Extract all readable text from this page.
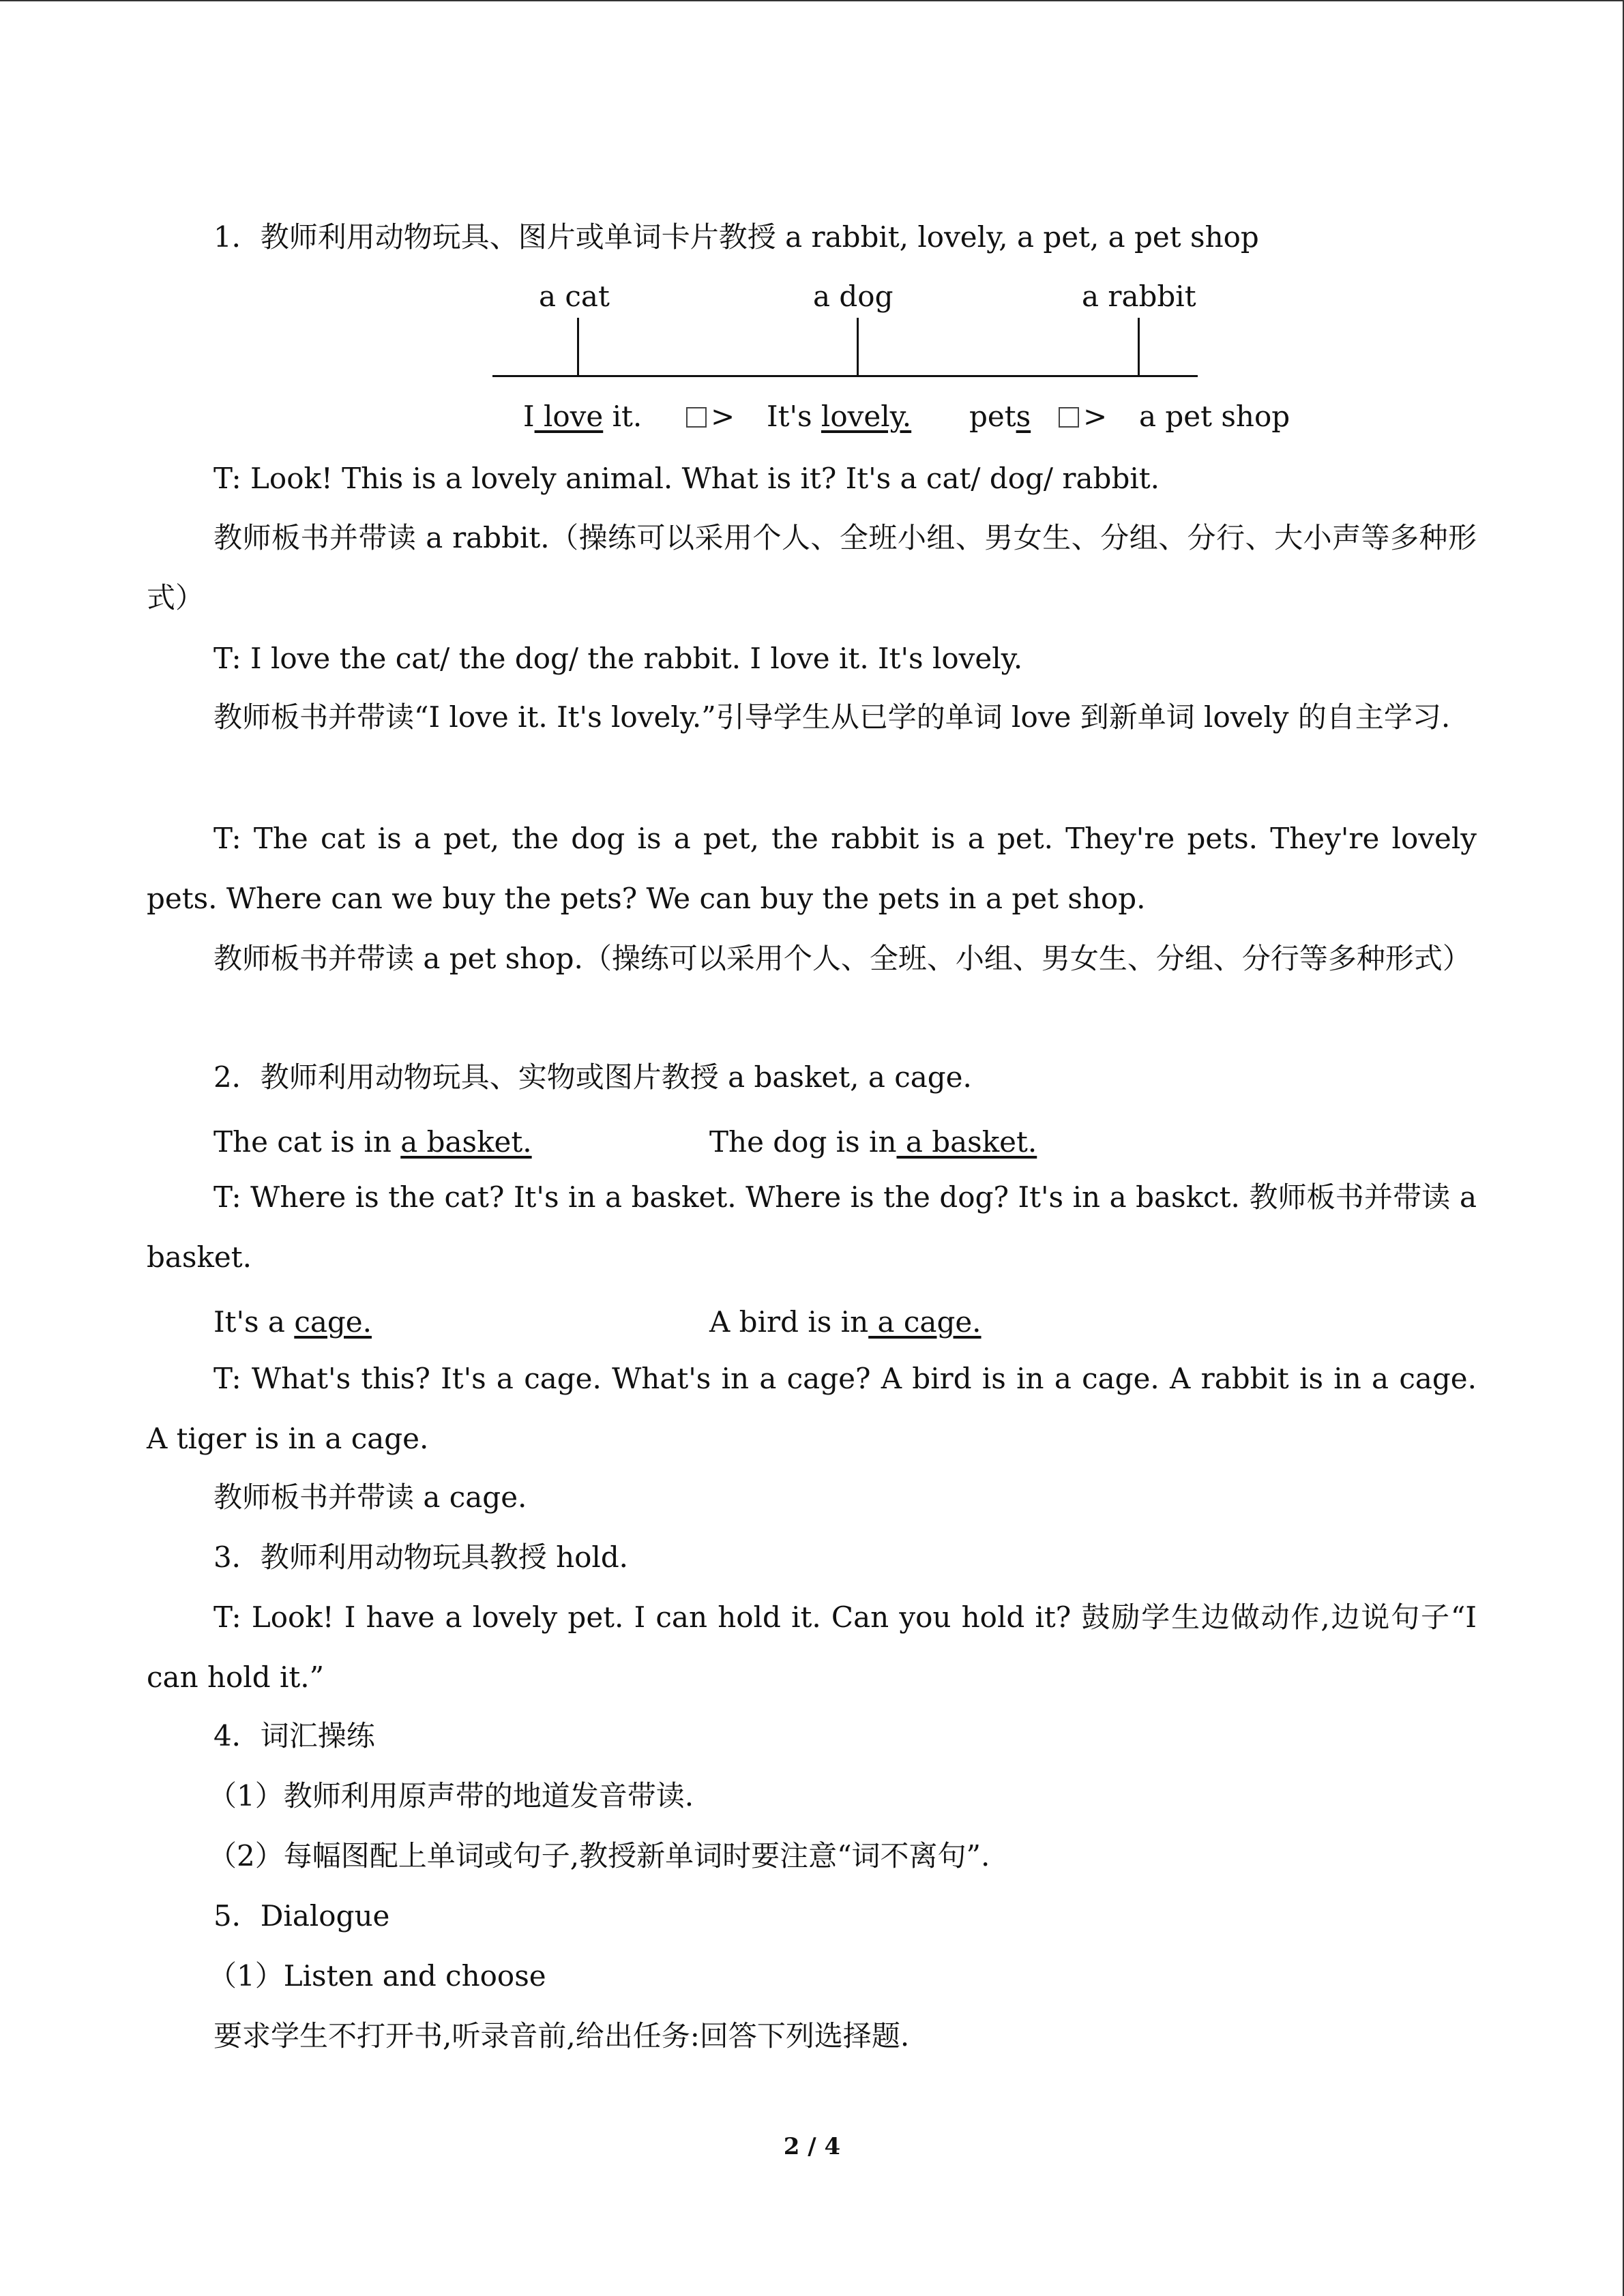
1．教师利用动物玩具、图片或单词卡片教授 a rabbit, lovely, a pet, a pet shop

a cat	a dog	a rabbit
I love it.	> It's lovely. pets	> a pet shop

T: Look! This is a lovely animal. What is it? It's a cat/ dog/ rabbit.

教师板书并带读 a rabbit.（操练可以采用个人、全班小组、男女生、分组、分行、大小声等多种形式）

T: I love the cat/ the dog/ the rabbit. I love it. It's lovely.

教师板书并带读“I love it. It's lovely.”引导学生从已学的单词 love 到新单词 lovely 的自主学习.

T: The cat is a pet, the dog is a pet, the rabbit is a pet. They're pets. They're lovely pets. Where can we buy the pets? We can buy the pets in a pet shop.

教师板书并带读 a pet shop.（操练可以采用个人、全班、小组、男女生、分组、分行等多种形式）

2．教师利用动物玩具、实物或图片教授 a basket, a cage.

The cat is in a basket.	The dog is in a basket.

T: Where is the cat? It's in a basket. Where is the dog? It's in a baskct. 教师板书并带读 a basket.

It's a cage.	A bird is in a cage.

T: What's this? It's a cage. What's in a cage? A bird is in a cage. A rabbit is in a cage. A tiger is in a cage.

教师板书并带读 a cage.

3．教师利用动物玩具教授 hold．

T: Look! I have a lovely pet. I can hold it. Can you hold it? 鼓励学生边做动作,边说句子“I can hold it.”

4．词汇操练

（1）教师利用原声带的地道发音带读.

（2）每幅图配上单词或句子,教授新单词时要注意“词不离句”.

5．Dialogue

（1）Listen and choose

要求学生不打开书,听录音前,给出任务:回答下列选择题.

2 / 4
